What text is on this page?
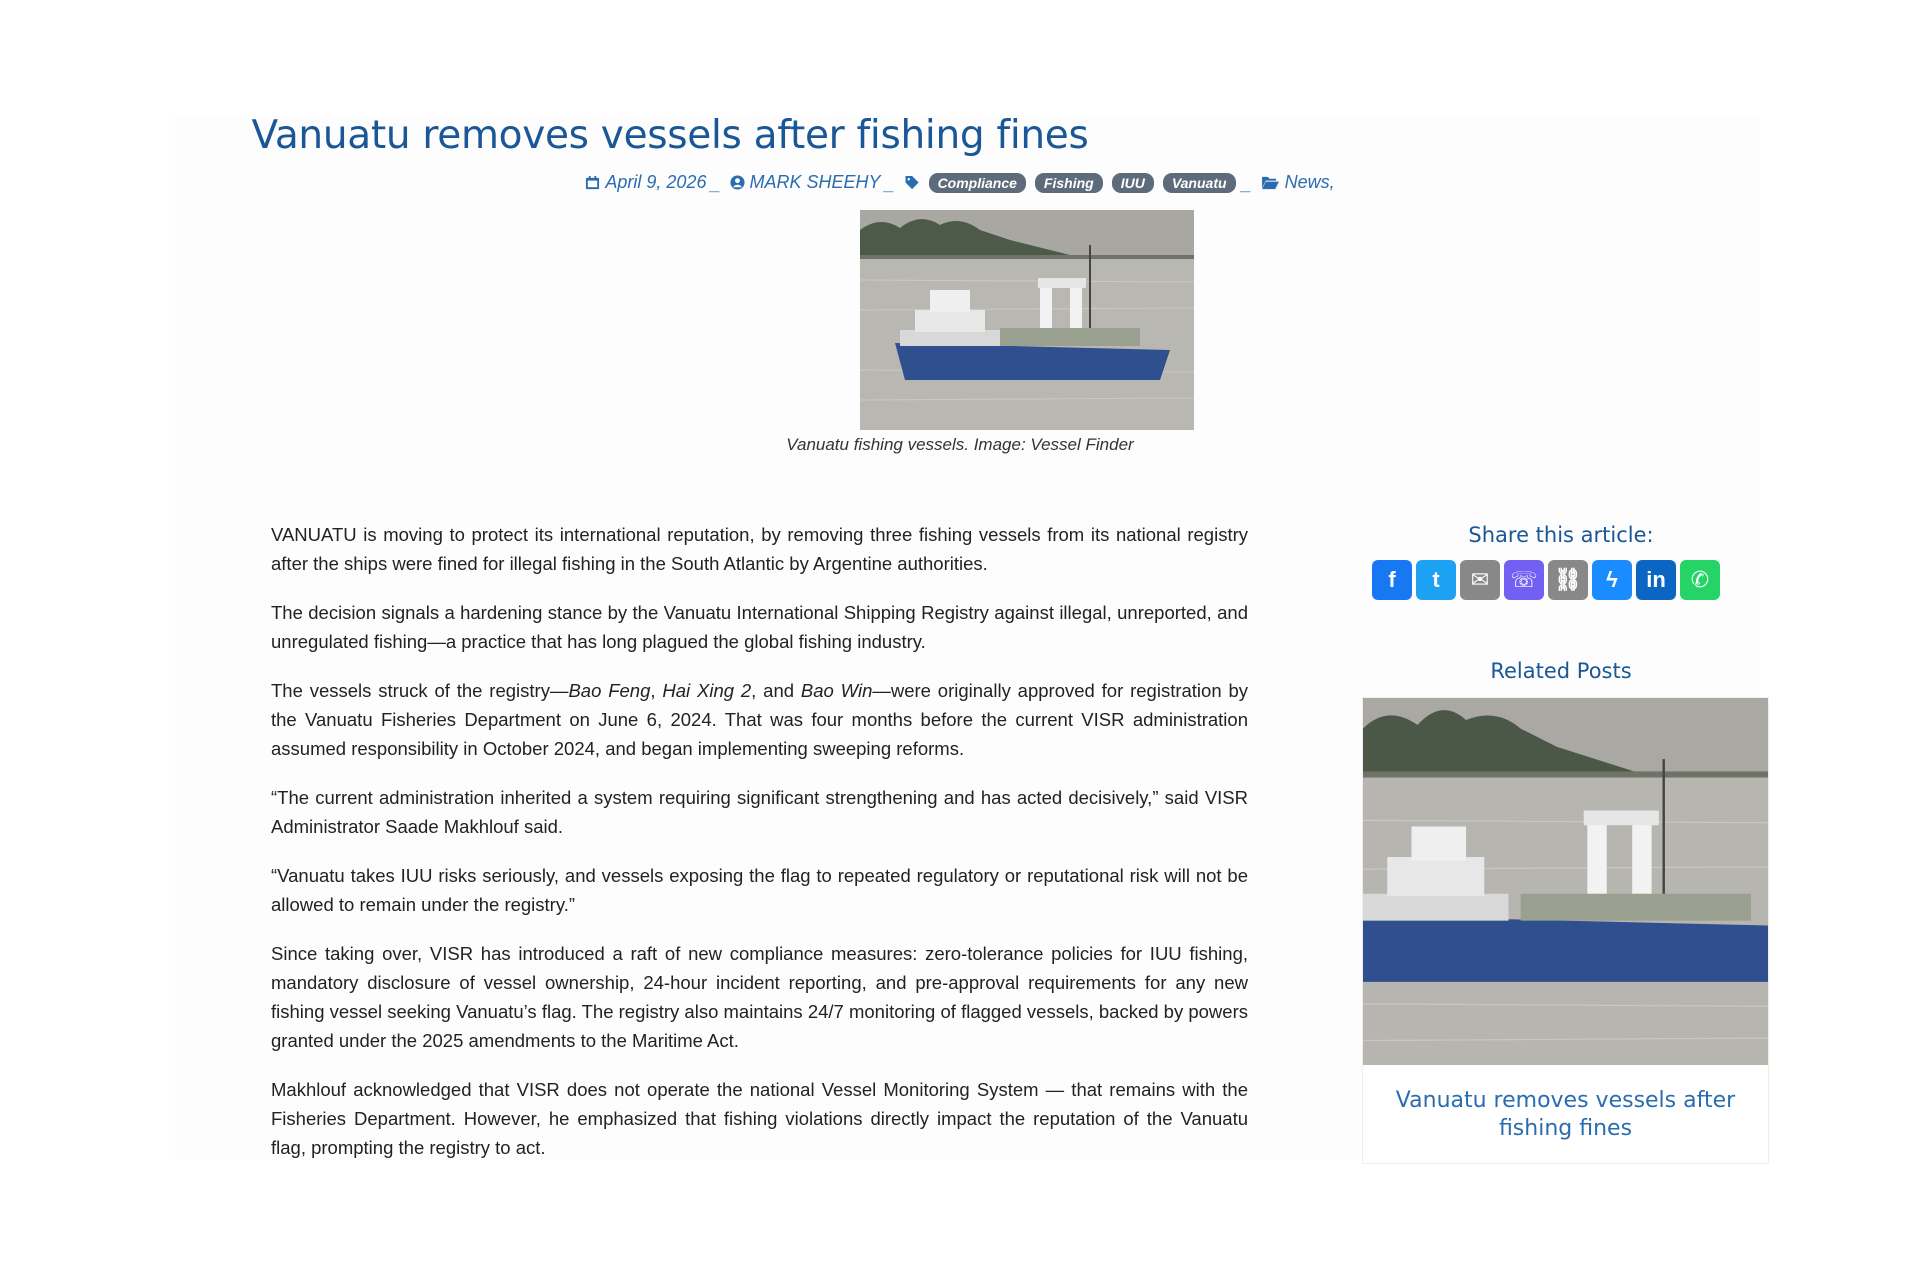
Vanuatu removes vessels after fishing fines
April 9, 2026 _ MARK SHEEHY _	Compliance	Fishing	IUU	Vanuatu _ News,
Vanuatu fishing vessels. Image: Vessel Finder

VANUATU is moving to protect its international reputation, by removing three fishing vessels from its national registry after the ships were fined for illegal fishing in the South Atlantic by Argentine authorities.

The decision signals a hardening stance by the Vanuatu International Shipping Registry against illegal, unreported, and unregulated fishing—a practice that has long plagued the global fishing industry.

The vessels struck of the registry—Bao Feng, Hai Xing 2, and Bao Win—were originally approved for registration by the Vanuatu Fisheries Department on June 6, 2024. That was four months before the current VISR administration assumed responsibility in October 2024, and began implementing sweeping reforms.

“The current administration inherited a system requiring significant strengthening and has acted decisively,” said VISR Administrator Saade Makhlouf said.

“Vanuatu takes IUU risks seriously, and vessels exposing the flag to repeated regulatory or reputational risk will not be allowed to remain under the registry.”

Since taking over, VISR has introduced a raft of new compliance measures: zero-tolerance policies for IUU fishing, mandatory disclosure of vessel ownership, 24-hour incident reporting, and pre-approval requirements for any new fishing vessel seeking Vanuatu’s flag. The registry also maintains 24/7 monitoring of flagged vessels, backed by powers granted under the 2025 amendments to the Maritime Act.

Makhlouf acknowledged that VISR does not operate the national Vessel Monitoring System — that remains with the Fisheries Department. However, he emphasized that fishing violations directly impact the reputation of the Vanuatu flag, prompting the registry to act.

Share this article:
f t ✉ ☏ ⛓ ϟ in ✆
Related Posts
Vanuatu removes vessels after fishing fines
